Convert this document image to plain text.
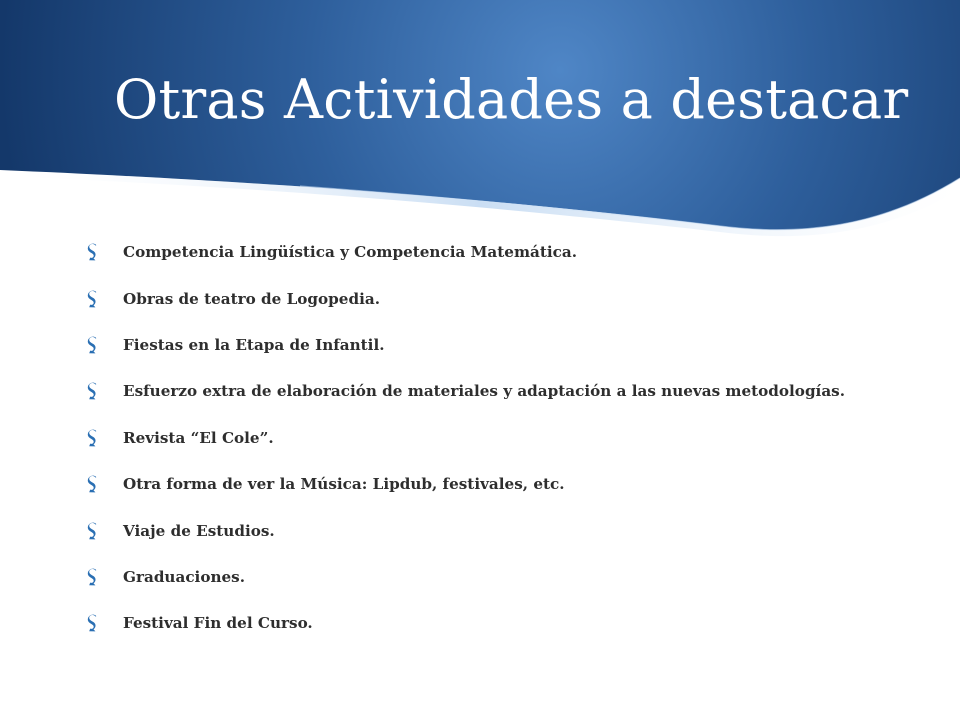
Otras Actividades a destacar
Competencia Lingüística y Competencia Matemática.
Obras de teatro de Logopedia.
Fiestas en la Etapa de Infantil.
Esfuerzo extra de elaboración de materiales y adaptación a las nuevas metodologías.
Revista “El Cole”.
Otra forma de ver la Música: Lipdub, festivales, etc.
Viaje de Estudios.
Graduaciones.
Festival Fin del Curso.
